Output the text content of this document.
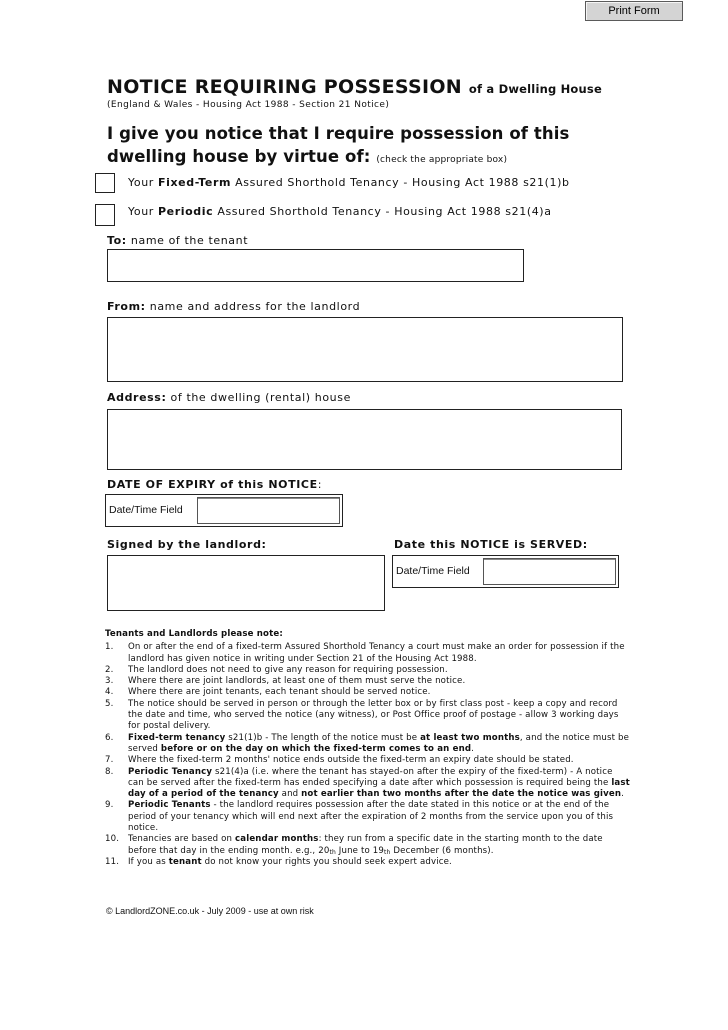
Print Form
NOTICE REQUIRING POSSESSION of a Dwelling House
(England & Wales - Housing Act 1988 - Section 21 Notice)
I give you notice that I require possession of this
dwelling house by virtue of: (check the appropriate box)
Your Fixed-Term Assured Shorthold Tenancy - Housing Act 1988 s21(1)b
Your Periodic Assured Shorthold Tenancy - Housing Act 1988 s21(4)a
To: name of the tenant
From: name and address for the landlord
Address: of the dwelling (rental) house
DATE OF EXPIRY of this NOTICE:
Date/Time Field
Signed by the landlord:	Date this NOTICE is SERVED:
Date/Time Field
Tenants and Landlords please note:
1. On or after the end of a fixed-term Assured Shorthold Tenancy a court must make an order for possession if the landlord has given notice in writing under Section 21 of the Housing Act 1988.
2. The landlord does not need to give any reason for requiring possession.
3. Where there are joint landlords, at least one of them must serve the notice.
4. Where there are joint tenants, each tenant should be served notice.
5. The notice should be served in person or through the letter box or by first class post - keep a copy and record the date and time, who served the notice (any witness), or Post Office proof of postage - allow 3 working days for postal delivery.
6. Fixed-term tenancy s21(1)b - The length of the notice must be at least two months, and the notice must be served before or on the day on which the fixed-term comes to an end.
7. Where the fixed-term 2 months' notice ends outside the fixed-term an expiry date should be stated.
8. Periodic Tenancy s21(4)a (i.e. where the tenant has stayed-on after the expiry of the fixed-term) - A notice can be served after the fixed-term has ended specifying a date after which possession is required being the last day of a period of the tenancy and not earlier than two months after the date the notice was given.
9. Periodic Tenants - the landlord requires possession after the date stated in this notice or at the end of the period of your tenancy which will end next after the expiration of 2 months from the service upon you of this notice.
10. Tenancies are based on calendar months: they run from a specific date in the starting month to the date before that day in the ending month. e.g., 20th June to 19th December (6 months).
11. If you as tenant do not know your rights you should seek expert advice.
© LandlordZONE.co.uk - July 2009 - use at own risk
